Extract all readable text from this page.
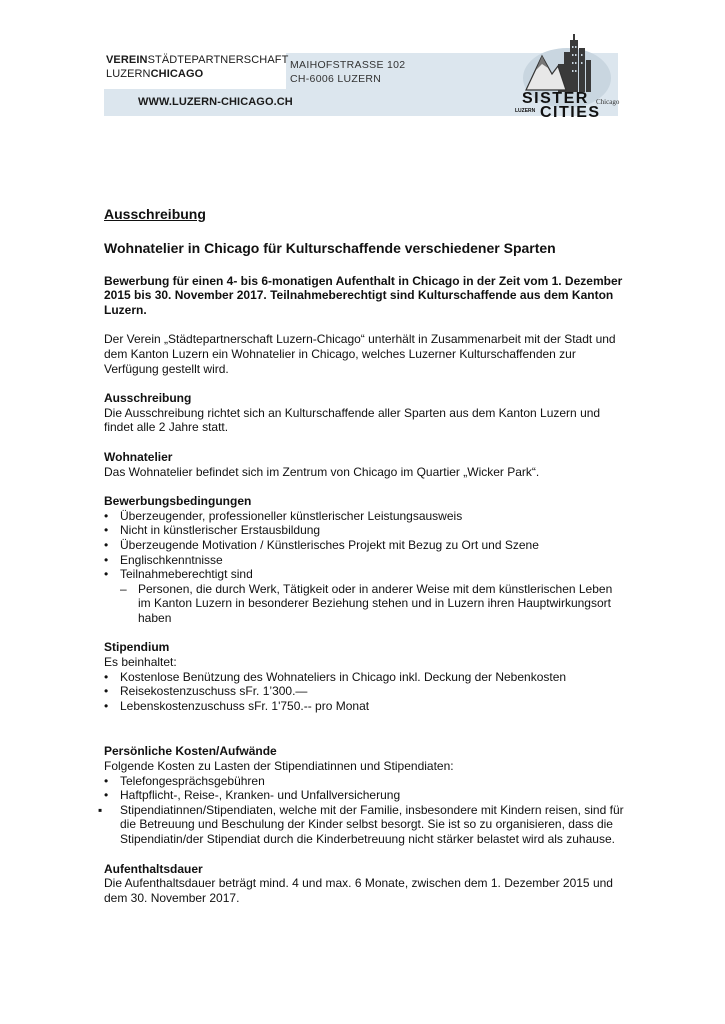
VEREINSTÄDTEPARTNERSCHAFT
LUZERNCHICAGO
MAIHOFSTRASSE 102
CH-6006 LUZERN
WWW.LUZERN-CHICAGO.CH	SISTER
CITIES
LUZERN
Chicago
Ausschreibung
Wohnatelier in Chicago für Kulturschaffende verschiedener Sparten

Bewerbung für einen 4- bis 6-monatigen Aufenthalt in Chicago in der Zeit vom 1. Dezember 2015 bis 30. November 2017. Teilnahmeberechtigt sind Kulturschaffende aus dem Kanton Luzern.

Der Verein „Städtepartnerschaft Luzern-Chicago“ unterhält in Zusammenarbeit mit der Stadt und dem Kanton Luzern ein Wohnatelier in Chicago, welches Luzerner Kulturschaffenden zur Verfügung gestellt wird.

Ausschreibung

Die Ausschreibung richtet sich an Kulturschaffende aller Sparten aus dem Kanton Luzern und findet alle 2 Jahre statt.

Wohnatelier

Das Wohnatelier befindet sich im Zentrum von Chicago im Quartier „Wicker Park“.

Bewerbungsbedingungen
• Überzeugender, professioneller künstlerischer Leistungsausweis
• Nicht in künstlerischer Erstausbildung
• Überzeugende Motivation / Künstlerisches Projekt mit Bezug zu Ort und Szene
• Englischkenntnisse
• Teilnahmeberechtigt sind
– Personen, die durch Werk, Tätigkeit oder in anderer Weise mit dem künstlerischen Leben im Kanton Luzern in besonderer Beziehung stehen und in Luzern ihren Hauptwirkungsort haben
Stipendium

Es beinhaltet:

• Kostenlose Benützung des Wohnateliers in Chicago inkl. Deckung der Nebenkosten
• Reisekostenzuschuss sFr. 1’300.—
• Lebenskostenzuschuss sFr. 1'750.-- pro Monat
Persönliche Kosten/Aufwände

Folgende Kosten zu Lasten der Stipendiatinnen und Stipendiaten:

• Telefongesprächsgebühren
• Haftpflicht-, Reise-, Kranken- und Unfallversicherung
▪	Stipendiatinnen/Stipendiaten, welche mit der Familie, insbesondere mit Kindern reisen, sind für die Betreuung und Beschulung der Kinder selbst besorgt. Sie ist so zu organisieren, dass die Stipendiatin/der Stipendiat durch die Kinderbetreuung nicht stärker belastet wird als zuhause.
Aufenthaltsdauer

Die Aufenthaltsdauer beträgt mind. 4 und max. 6 Monate, zwischen dem 1. Dezember 2015 und dem 30. November 2017.
